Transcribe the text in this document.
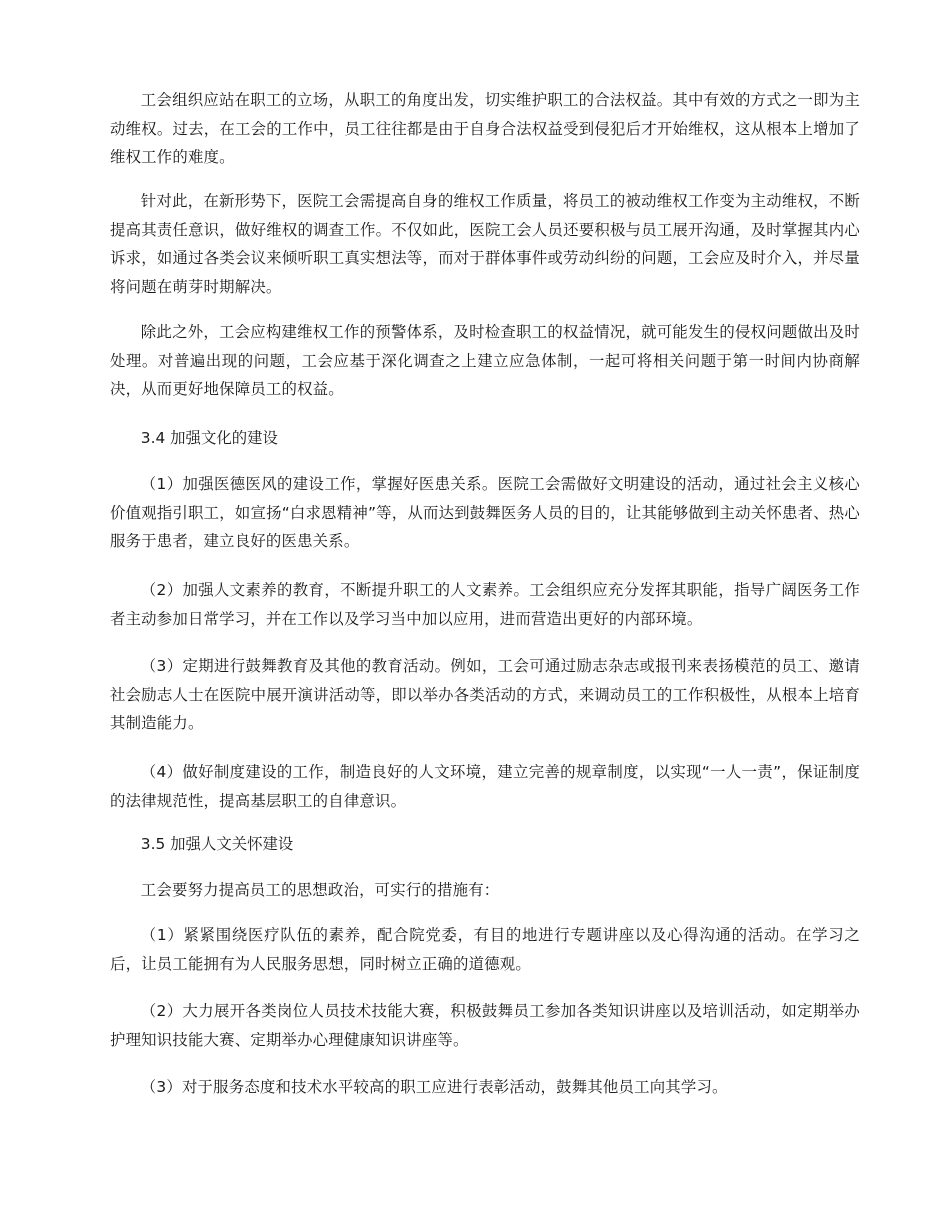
工会组织应站在职工的立场，从职工的角度出发，切实维护职工的合法权益。其中有效的方式之一即为主动维权。过去，在工会的工作中，员工往往都是由于自身合法权益受到侵犯后才开始维权，这从根本上增加了维权工作的难度。

针对此，在新形势下，医院工会需提高自身的维权工作质量，将员工的被动维权工作变为主动维权，不断提高其责任意识，做好维权的调查工作。不仅如此，医院工会人员还要积极与员工展开沟通，及时掌握其内心诉求，如通过各类会议来倾听职工真实想法等，而对于群体事件或劳动纠纷的问题，工会应及时介入，并尽量将问题在萌芽时期解决。

除此之外，工会应构建维权工作的预警体系，及时检查职工的权益情况，就可能发生的侵权问题做出及时处理。对普遍出现的问题，工会应基于深化调查之上建立应急体制，一起可将相关问题于第一时间内协商解决，从而更好地保障员工的权益。

3.4 加强文化的建设

（1）加强医德医风的建设工作，掌握好医患关系。医院工会需做好文明建设的活动，通过社会主义核心价值观指引职工，如宣扬“白求恩精神”等，从而达到鼓舞医务人员的目的，让其能够做到主动关怀患者、热心服务于患者，建立良好的医患关系。

（2）加强人文素养的教育，不断提升职工的人文素养。工会组织应充分发挥其职能，指导广阔医务工作者主动参加日常学习，并在工作以及学习当中加以应用，进而营造出更好的内部环境。

（3）定期进行鼓舞教育及其他的教育活动。例如，工会可通过励志杂志或报刊来表扬模范的员工、邀请社会励志人士在医院中展开演讲活动等，即以举办各类活动的方式，来调动员工的工作积极性，从根本上培育其制造能力。

（4）做好制度建设的工作，制造良好的人文环境，建立完善的规章制度，以实现“一人一责”，保证制度的法律规范性，提高基层职工的自律意识。

3.5 加强人文关怀建设

工会要努力提高员工的思想政治，可实行的措施有：

（1）紧紧围绕医疗队伍的素养，配合院党委，有目的地进行专题讲座以及心得沟通的活动。在学习之后，让员工能拥有为人民服务思想，同时树立正确的道德观。

（2）大力展开各类岗位人员技术技能大赛，积极鼓舞员工参加各类知识讲座以及培训活动，如定期举办护理知识技能大赛、定期举办心理健康知识讲座等。

（3）对于服务态度和技术水平较高的职工应进行表彰活动，鼓舞其他员工向其学习。
